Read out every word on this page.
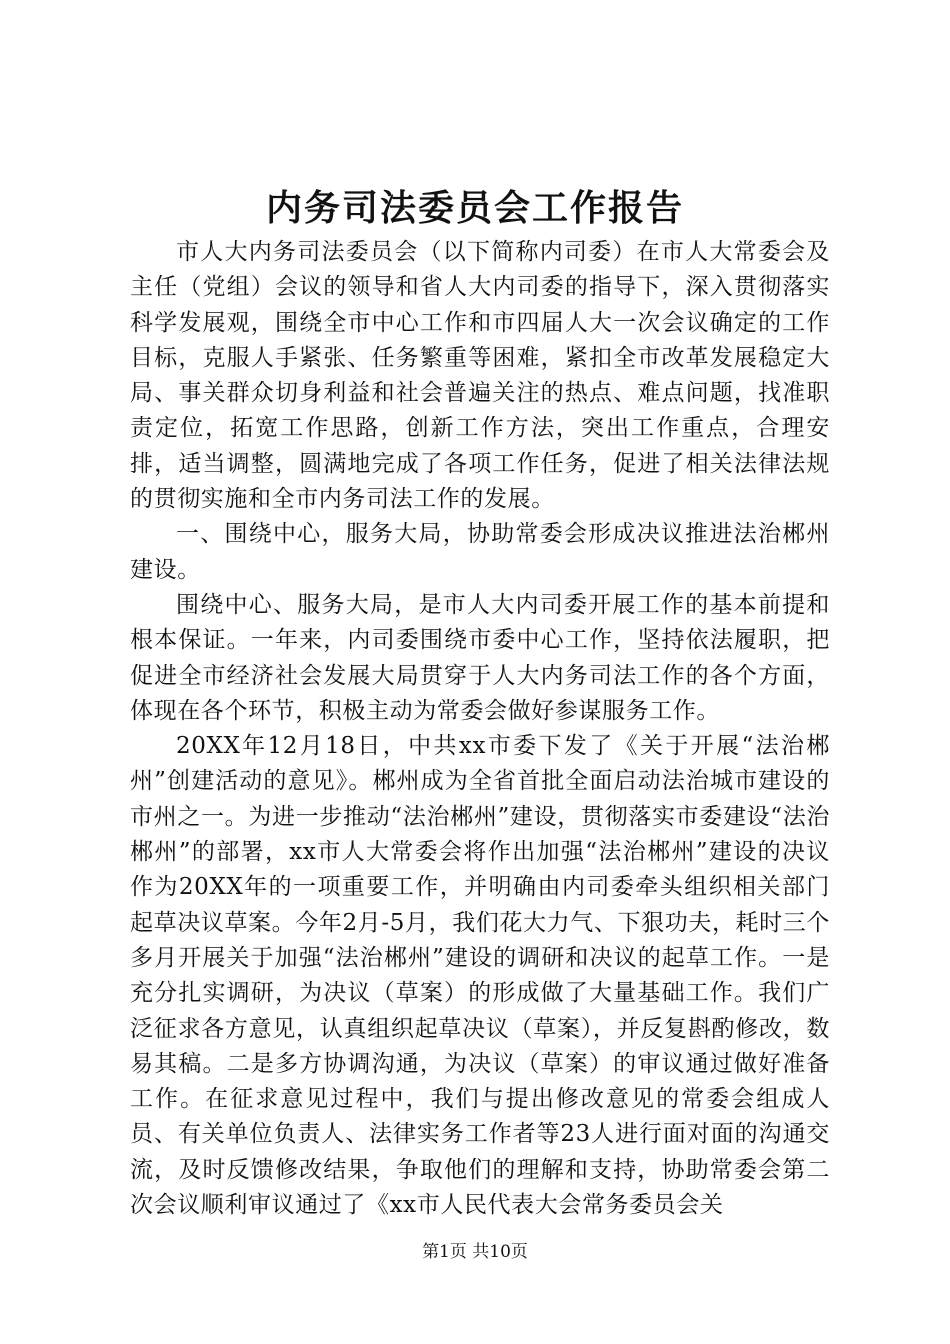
内务司法委员会工作报告

市人大内务司法委员会（以下简称内司委）在市人大常委会及主任（党组）会议的领导和省人大内司委的指导下，深入贯彻落实科学发展观，围绕全市中心工作和市四届人大一次会议确定的工作目标，克服人手紧张、任务繁重等困难，紧扣全市改革发展稳定大局、事关群众切身利益和社会普遍关注的热点、难点问题，找准职责定位，拓宽工作思路，创新工作方法，突出工作重点，合理安排，适当调整，圆满地完成了各项工作任务，促进了相关法律法规的贯彻实施和全市内务司法工作的发展。

一、围绕中心，服务大局，协助常委会形成决议推进法治郴州建设。

围绕中心、服务大局，是市人大内司委开展工作的基本前提和根本保证。一年来，内司委围绕市委中心工作，坚持依法履职，把促进全市经济社会发展大局贯穿于人大内务司法工作的各个方面，体现在各个环节，积极主动为常委会做好参谋服务工作。

20XX年12月18日，中共xx市委下发了《关于开展“法治郴州”创建活动的意见》。郴州成为全省首批全面启动法治城市建设的市州之一。为进一步推动“法治郴州”建设，贯彻落实市委建设“法治郴州”的部署，xx市人大常委会将作出加强“法治郴州”建设的决议作为20XX年的一项重要工作，并明确由内司委牵头组织相关部门起草决议草案。今年2月-5月，我们花大力气、下狠功夫，耗时三个多月开展关于加强“法治郴州”建设的调研和决议的起草工作。一是充分扎实调研，为决议（草案）的形成做了大量基础工作。我们广泛征求各方意见，认真组织起草决议（草案），并反复斟酌修改，数易其稿。二是多方协调沟通，为决议（草案）的审议通过做好准备工作。在征求意见过程中，我们与提出修改意见的常委会组成人员、有关单位负责人、法律实务工作者等23人进行面对面的沟通交流，及时反馈修改结果，争取他们的理解和支持，协助常委会第二次会议顺利审议通过了《xx市人民代表大会常务委员会关

第1页 共10页
